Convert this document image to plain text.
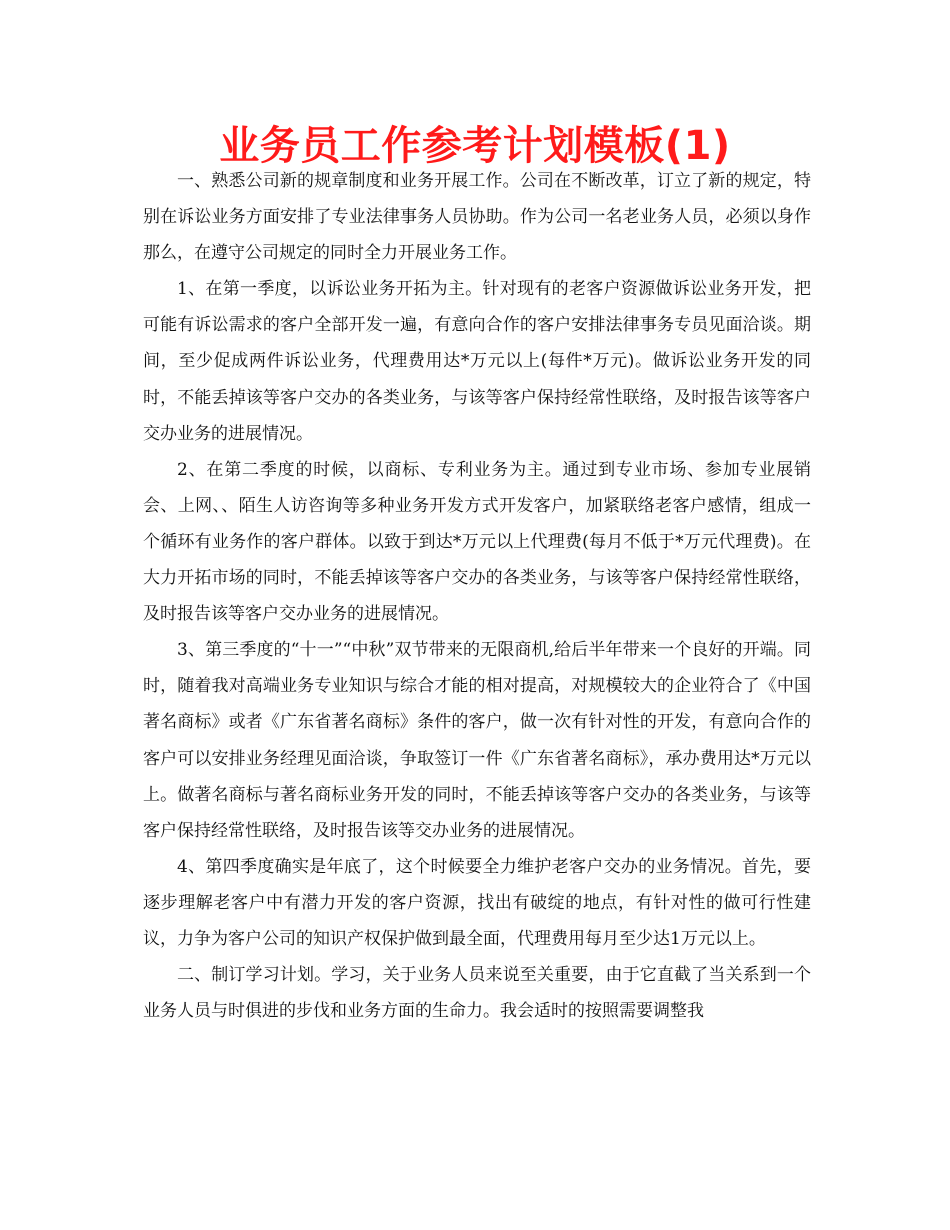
业务员工作参考计划模板(1)

一、熟悉公司新的规章制度和业务开展工作。公司在不断改革，订立了新的规定，特别在诉讼业务方面安排了专业法律事务人员协助。作为公司一名老业务人员，必须以身作那么，在遵守公司规定的同时全力开展业务工作。

1、在第一季度，以诉讼业务开拓为主。针对现有的老客户资源做诉讼业务开发，把可能有诉讼需求的客户全部开发一遍，有意向合作的客户安排法律事务专员见面洽谈。期间，至少促成两件诉讼业务，代理费用达*万元以上(每件*万元)。做诉讼业务开发的同时，不能丢掉该等客户交办的各类业务，与该等客户保持经常性联络，及时报告该等客户交办业务的进展情况。

2、在第二季度的时候，以商标、专利业务为主。通过到专业市场、参加专业展销会、上网、、陌生人访咨询等多种业务开发方式开发客户，加紧联络老客户感情，组成一个循环有业务作的客户群体。以致于到达*万元以上代理费(每月不低于*万元代理费)。在大力开拓市场的同时，不能丢掉该等客户交办的各类业务，与该等客户保持经常性联络，及时报告该等客户交办业务的进展情况。

3、第三季度的“十一”“中秋”双节带来的无限商机,给后半年带来一个良好的开端。同时，随着我对高端业务专业知识与综合才能的相对提高，对规模较大的企业符合了《中国著名商标》或者《广东省著名商标》条件的客户，做一次有针对性的开发，有意向合作的客户可以安排业务经理见面洽谈，争取签订一件《广东省著名商标》，承办费用达*万元以上。做著名商标与著名商标业务开发的同时，不能丢掉该等客户交办的各类业务，与该等客户保持经常性联络，及时报告该等交办业务的进展情况。

4、第四季度确实是年底了，这个时候要全力维护老客户交办的业务情况。首先，要逐步理解老客户中有潜力开发的客户资源，找出有破绽的地点，有针对性的做可行性建议，力争为客户公司的知识产权保护做到最全面，代理费用每月至少达1万元以上。

二、制订学习计划。学习，关于业务人员来说至关重要，由于它直截了当关系到一个业务人员与时俱进的步伐和业务方面的生命力。我会适时的按照需要调整我
